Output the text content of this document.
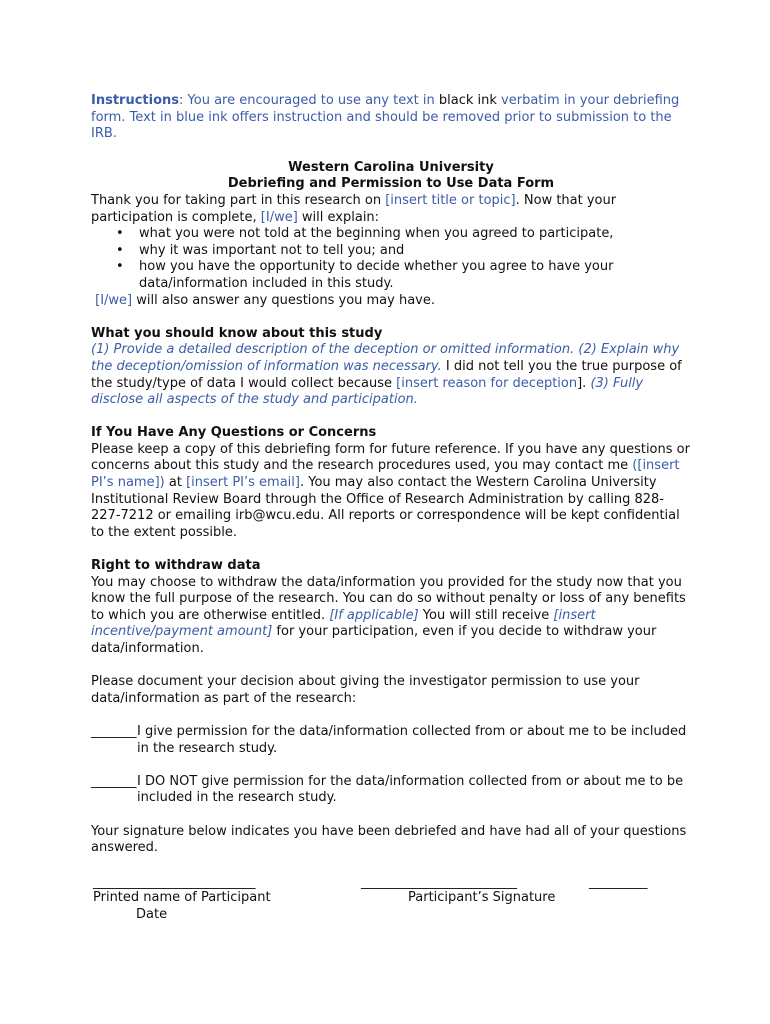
Instructions: You are encouraged to use any text in black ink verbatim in your debriefing form. Text in blue ink offers instruction and should be removed prior to submission to the IRB.

Western Carolina University

Debriefing and Permission to Use Data Form

Thank you for taking part in this research on [insert title or topic]. Now that your participation is complete, [I/we] will explain:

• what you were not told at the beginning when you agreed to participate,
• why it was important not to tell you; and
• how you have the opportunity to decide whether you agree to have your data/information included in this study.

[I/we] will also answer any questions you may have.

What you should know about this study

(1) Provide a detailed description of the deception or omitted information. (2) Explain why the deception/omission of information was necessary. I did not tell you the true purpose of the study/type of data I would collect because [insert reason for deception]. (3) Fully disclose all aspects of the study and participation.

If You Have Any Questions or Concerns

Please keep a copy of this debriefing form for future reference. If you have any questions or concerns about this study and the research procedures used, you may contact me ([insert PI’s name]) at [insert PI’s email]. You may also contact the Western Carolina University Institutional Review Board through the Office of Research Administration by calling 828-227-7212 or emailing irb@wcu.edu. All reports or correspondence will be kept confidential to the extent possible.

Right to withdraw data

You may choose to withdraw the data/information you provided for the study now that you know the full purpose of the research. You can do so without penalty or loss of any benefits to which you are otherwise entitled. [If applicable] You will still receive [insert incentive/payment amount] for your participation, even if you decide to withdraw your data/information.

Please document your decision about giving the investigator permission to use your data/information as part of the research:

_______ I give permission for the data/information collected from or about me to be included in the research study.
_______ I DO NOT give permission for the data/information collected from or about me to be included in the research study.

Your signature below indicates you have been debriefed and have had all of your questions answered.

_________________________	________________________	_________
Printed name of Participant	Participant’s Signature
Date
